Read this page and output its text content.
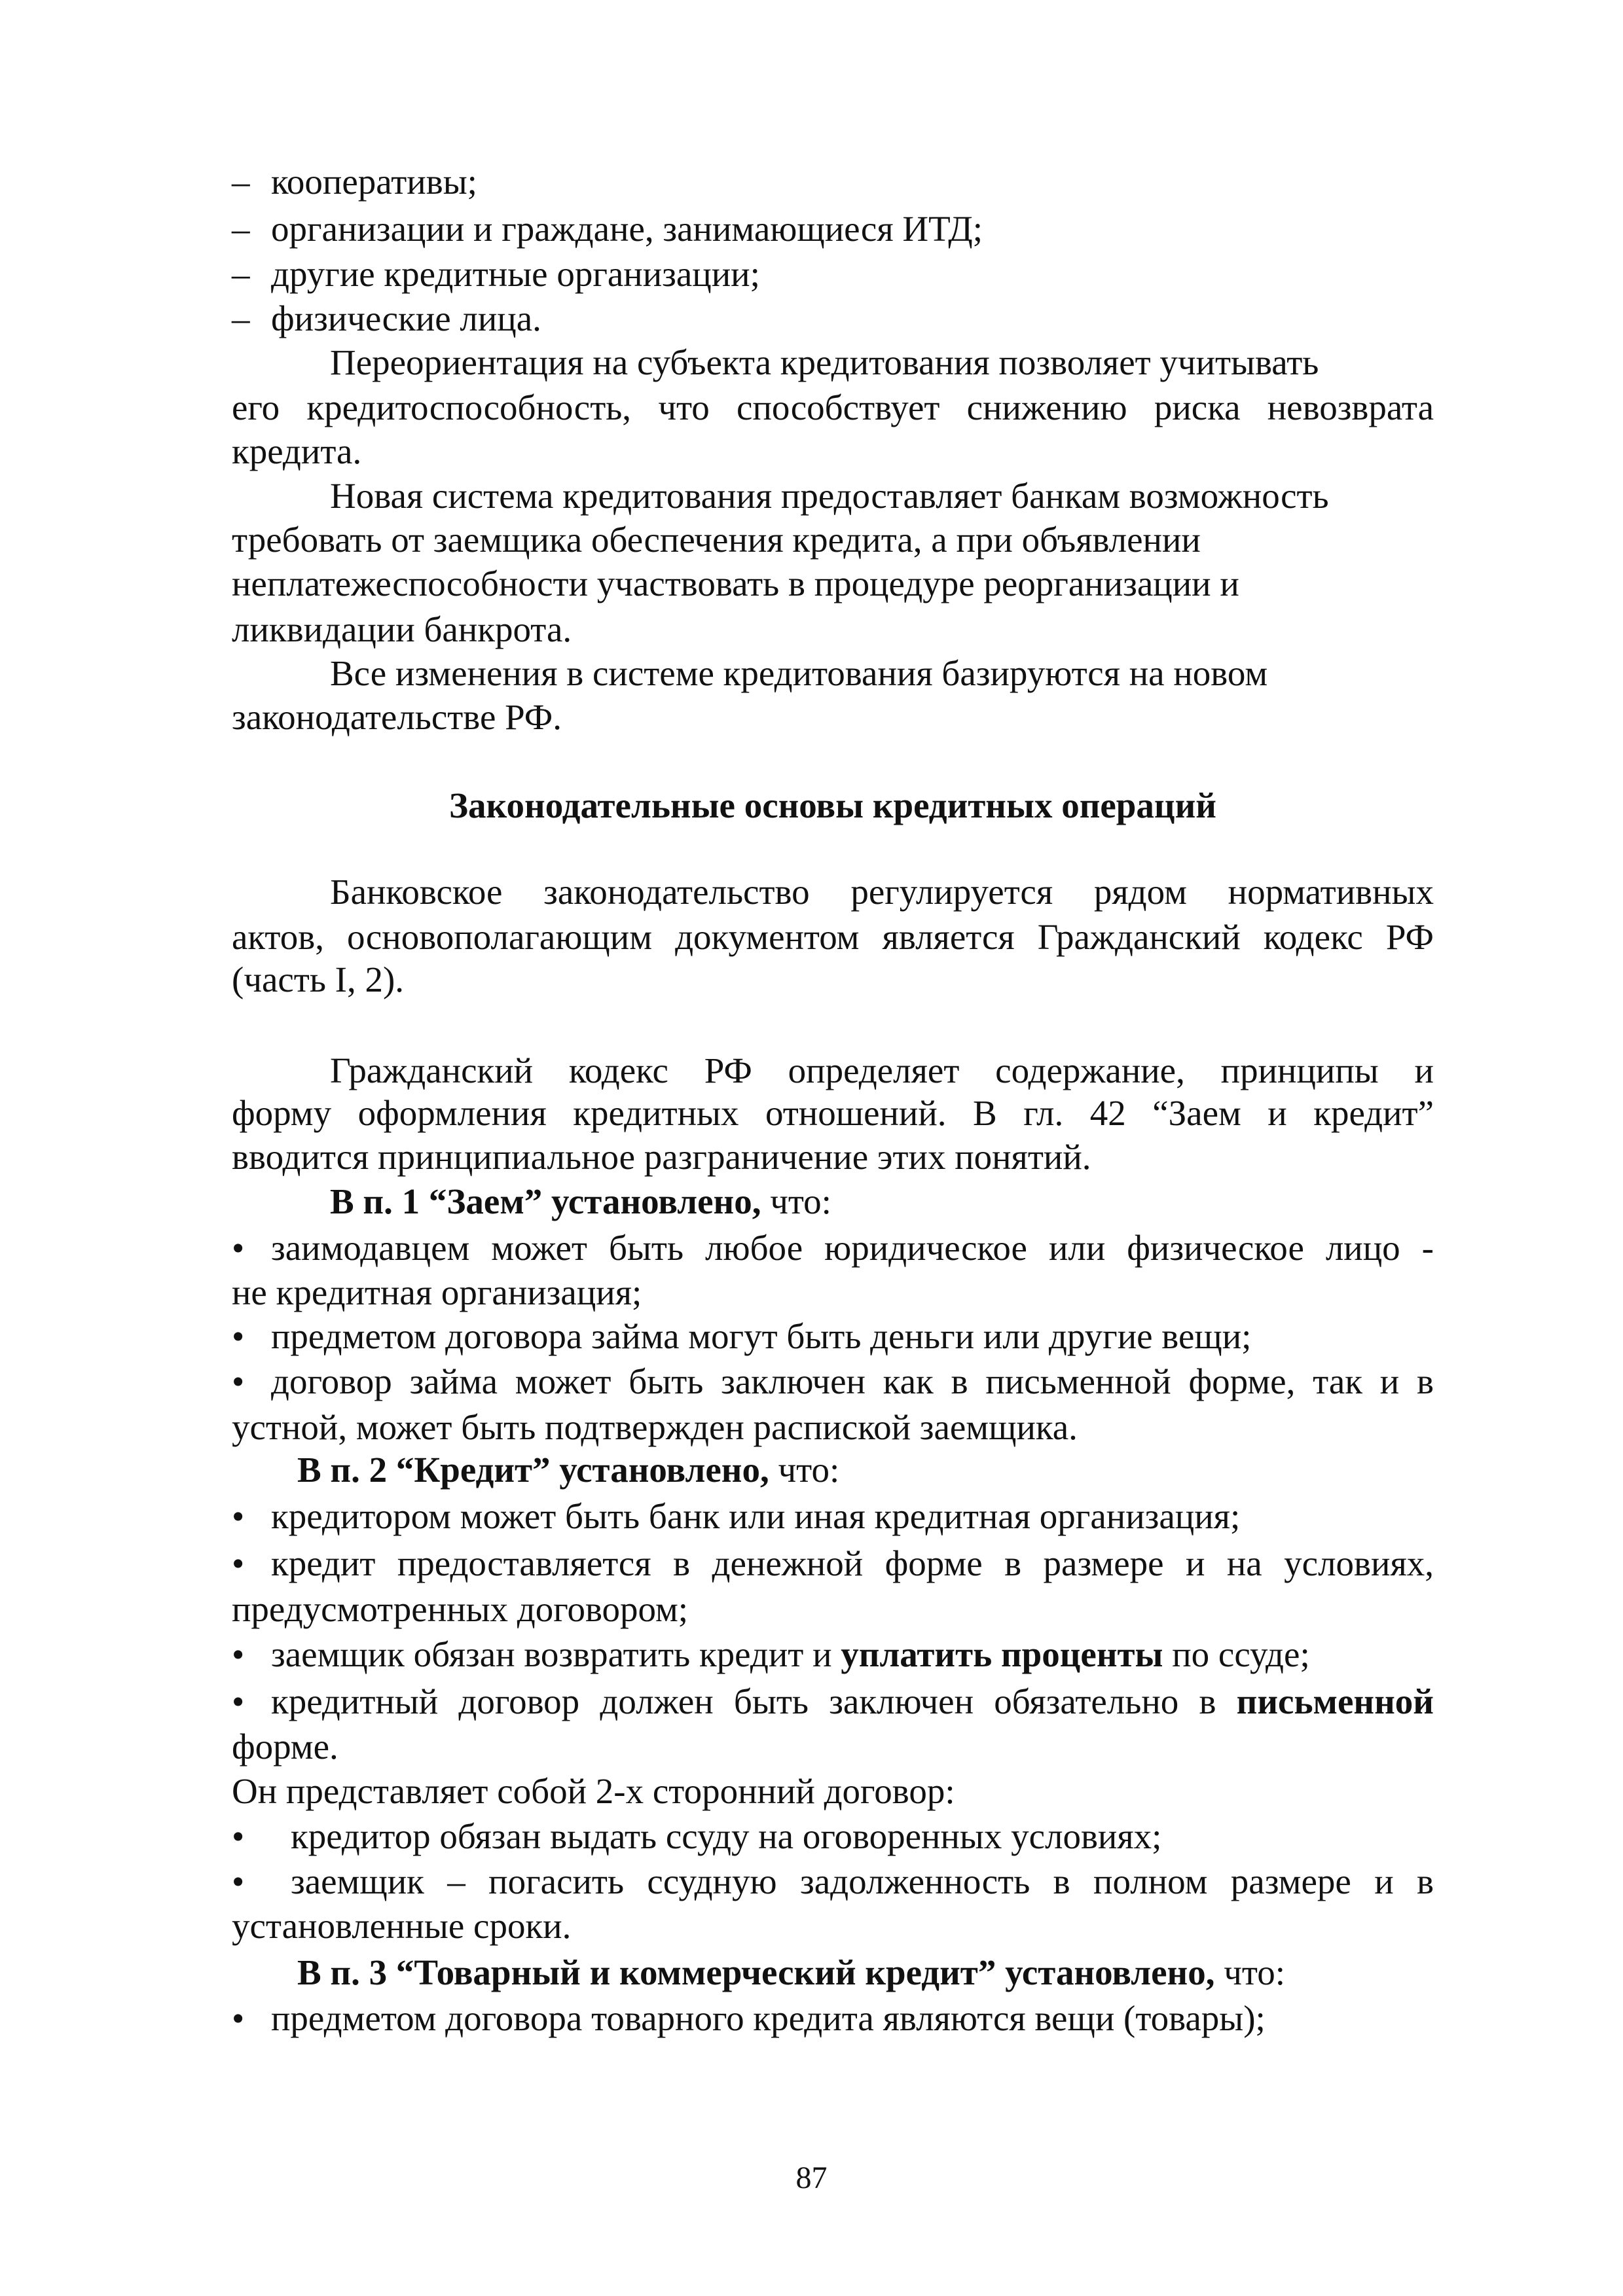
– кооперативы;
– организации и граждане, занимающиеся ИТД;
– другие кредитные организации;
– физические лица.
Переориентация на субъекта кредитования позволяет учитывать
его кредитоспособность, что способствует снижению риска невозврата
кредита.
Новая система кредитования предоставляет банкам возможность
требовать от заемщика обеспечения кредита, а при объявлении
неплатежеспособности участвовать в процедуре реорганизации и
ликвидации банкрота.
Все изменения в системе кредитования базируются на новом
законодательстве РФ.
Законодательные основы кредитных операций
Банковское законодательство регулируется рядом нормативных
актов, основополагающим документом является Гражданский кодекс РФ
(часть I, 2).
Гражданский кодекс РФ определяет содержание, принципы и
форму оформления кредитных отношений. В гл. 42 “Заем и кредит”
вводится принципиальное разграничение этих понятий.
В п. 1 “Заем” установлено, что:
• заимодавцем может быть любое юридическое или физическое лицо -
не кредитная организация;
• предметом договора займа могут быть деньги или другие вещи;
• договор займа может быть заключен как в письменной форме, так и в
устной, может быть подтвержден распиской заемщика.
В п. 2 “Кредит” установлено, что:
• кредитором может быть банк или иная кредитная организация;
• кредит предоставляется в денежной форме в размере и на условиях,
предусмотренных договором;
• заемщик обязан возвратить кредит и уплатить проценты по ссуде;
• кредитный договор должен быть заключен обязательно в письменной
форме.
Он представляет собой 2-х сторонний договор:
• кредитор обязан выдать ссуду на оговоренных условиях;
• заемщик – погасить ссудную задолженность в полном размере и в
установленные сроки.
В п. 3 “Товарный и коммерческий кредит” установлено, что:
• предметом договора товарного кредита являются вещи (товары);
87
